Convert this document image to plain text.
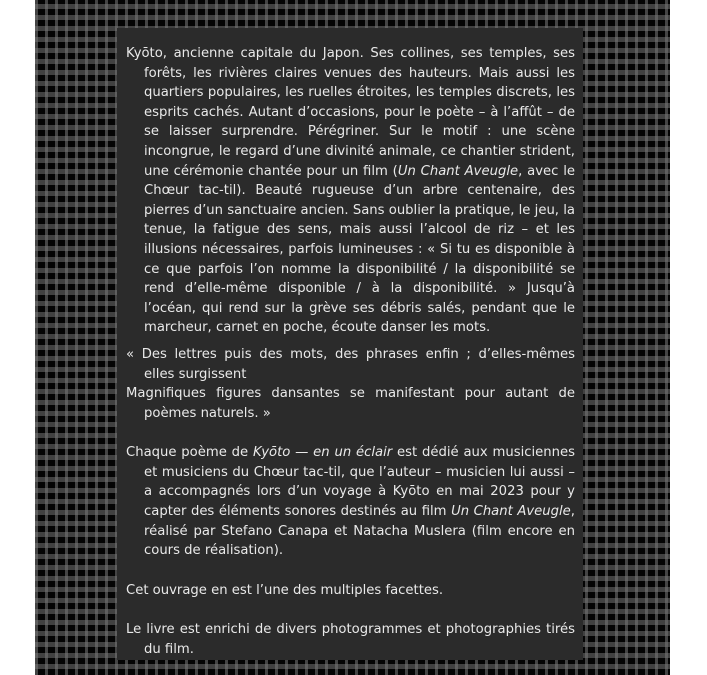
Kyōto, ancienne capitale du Japon. Ses collines, ses temples, ses forêts, les rivières claires venues des hauteurs. Mais aussi les quartiers populaires, les ruelles étroites, les temples discrets, les esprits cachés. Autant d’occasions, pour le poète – à l’affût – de se laisser surprendre. Pérégriner. Sur le motif : une scène incongrue, le regard d’une divinité animale, ce chantier strident, une cérémonie chantée pour un film (Un Chant Aveugle, avec le Chœur tac-til). Beauté rugueuse d’un arbre centenaire, des pierres d’un sanctuaire ancien. Sans oublier la pratique, le jeu, la tenue, la fatigue des sens, mais aussi l’alcool de riz – et les illusions nécessaires, parfois lumineuses : « Si tu es disponible à ce que parfois l’on nomme la disponibilité / la disponibilité se rend d’elle-même disponible / à la disponibilité. » Jusqu’à l’océan, qui rend sur la grève ses débris salés, pendant que le marcheur, carnet en poche, écoute danser les mots.

« Des lettres puis des mots, des phrases enfin ; d’elles-mêmes elles surgissent

Magnifiques figures dansantes se manifestant pour autant de poèmes naturels. »

Chaque poème de Kyōto — en un éclair est dédié aux musiciennes et musiciens du Chœur tac-til, que l’auteur – musicien lui aussi – a accompagnés lors d’un voyage à Kyōto en mai 2023 pour y capter des éléments sonores destinés au film Un Chant Aveugle, réalisé par Stefano Canapa et Natacha Muslera (film encore en cours de réalisation).

Cet ouvrage en est l’une des multiples facettes.

Le livre est enrichi de divers photogrammes et photographies tirés du film.
